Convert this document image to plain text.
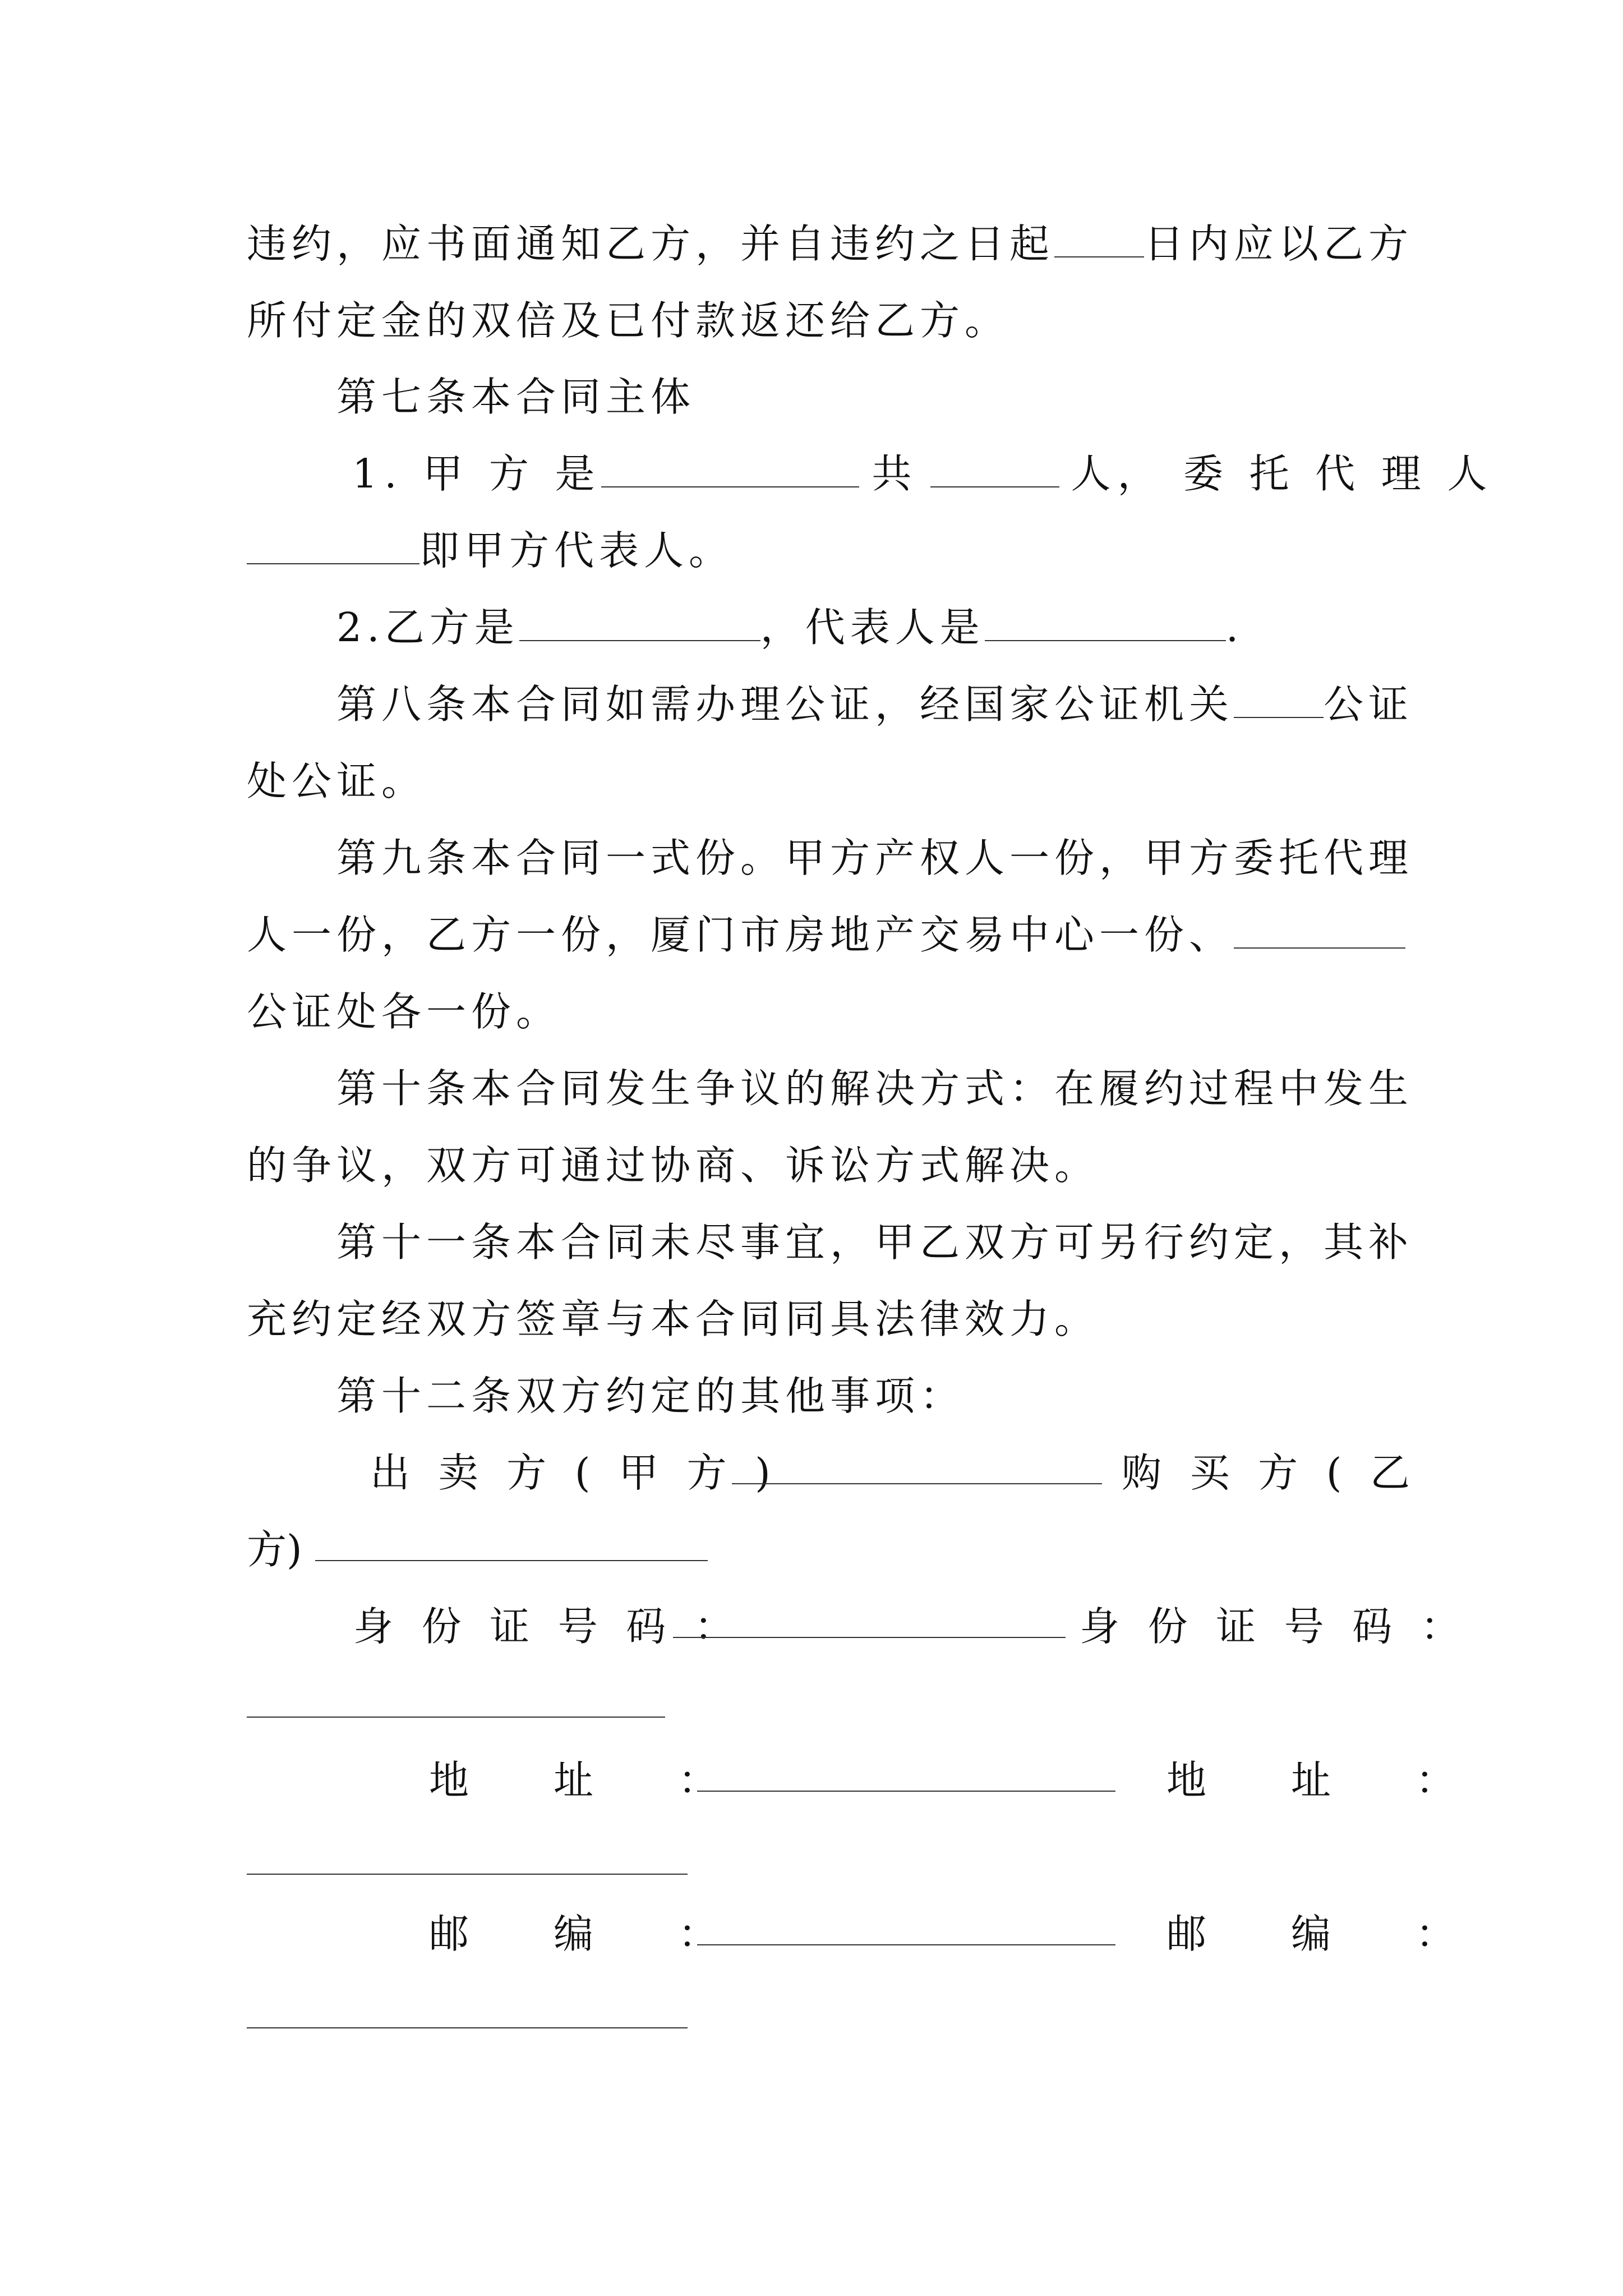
违约，应书面通知乙方，并自违约之日起 日内应以乙方
所付定金的双倍及已付款返还给乙方。
第七条本合同主体
1. 甲 方 是	共	人， 委 托 代 理 人
即甲方代表人。
2.乙方是	，代表人是	.
第八条本合同如需办理公证，经国家公证机关 公证
处公证。
第九条本合同一式份。甲方产权人一份，甲方委托代理
人一份，乙方一份，厦门市房地产交易中心一份、
公证处各一份。
第十条本合同发生争议的解决方式：在履约过程中发生
的争议，双方可通过协商、诉讼方式解决。
第十一条本合同未尽事宜，甲乙双方可另行约定，其补
充约定经双方签章与本合同同具法律效力。
第十二条双方约定的其他事项：
出 卖 方 ( 甲 方 )	购 买 方 ( 乙
方)
身 份 证 号 码 ：	身 份 证 号 码 ：
地　址　：	地　址　：
邮　编　：	邮　编　：
